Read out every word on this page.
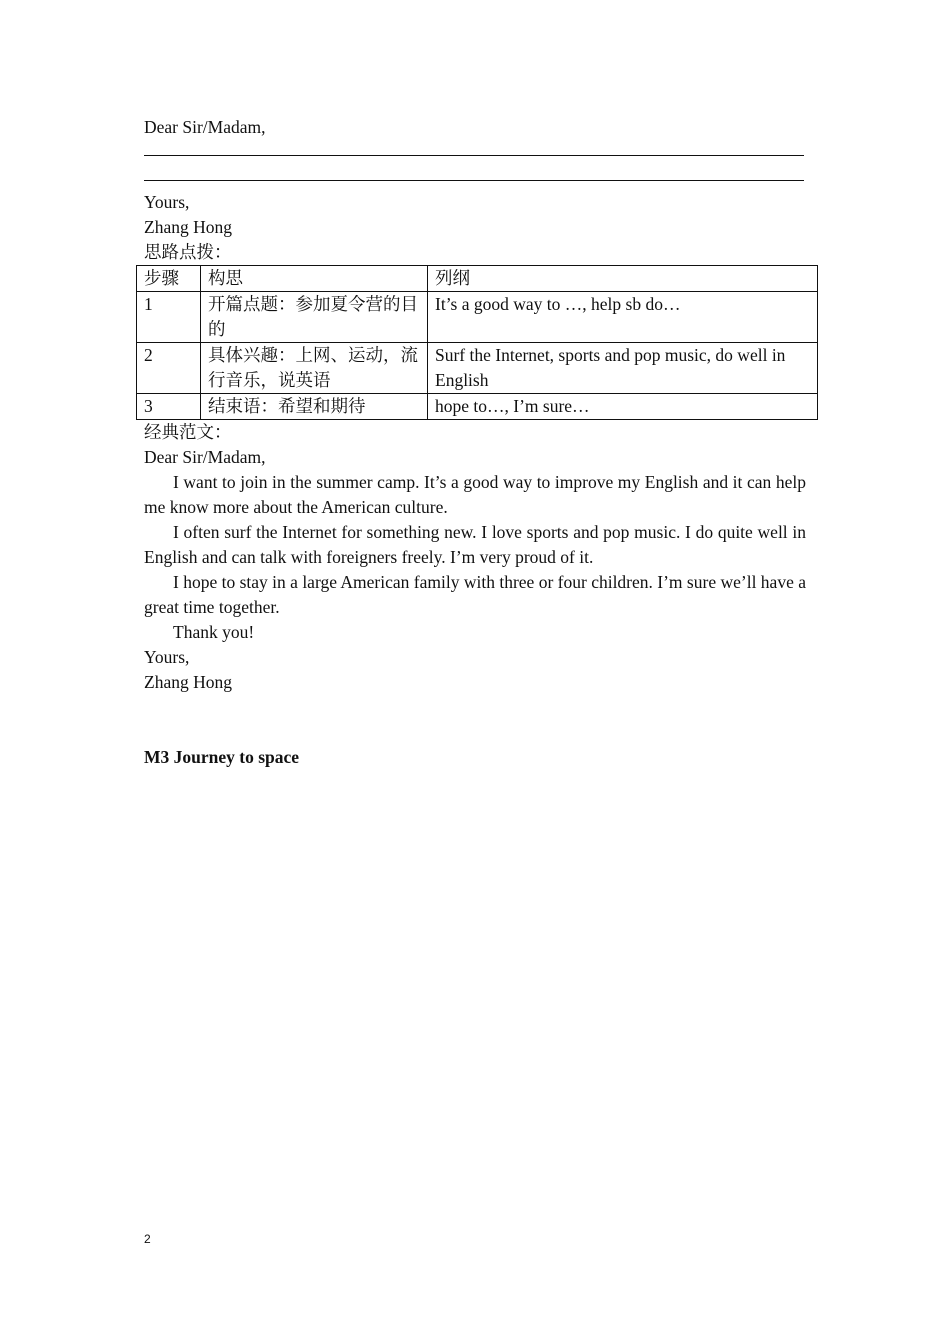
Dear Sir/Madam,
Yours,
Zhang Hong
思路点拨：
步骤	构思	列纲
1	开篇点题：参加夏令营的目的	It’s a good way to …, help sb do…
2	具体兴趣：上网、运动，流行音乐，说英语	Surf the Internet, sports and pop music, do well in English
3	结束语：希望和期待	hope to…, I’m sure…
经典范文：
Dear Sir/Madam,

I want to join in the summer camp. It’s a good way to improve my English and it can help me know more about the American culture.

I often surf the Internet for something new. I love sports and pop music. I do quite well in English and can talk with foreigners freely. I’m very proud of it.

I hope to stay in a large American family with three or four children. I’m sure we’ll have a great time together.

Thank you!

Yours,
Zhang Hong
M3 Journey to space
2
